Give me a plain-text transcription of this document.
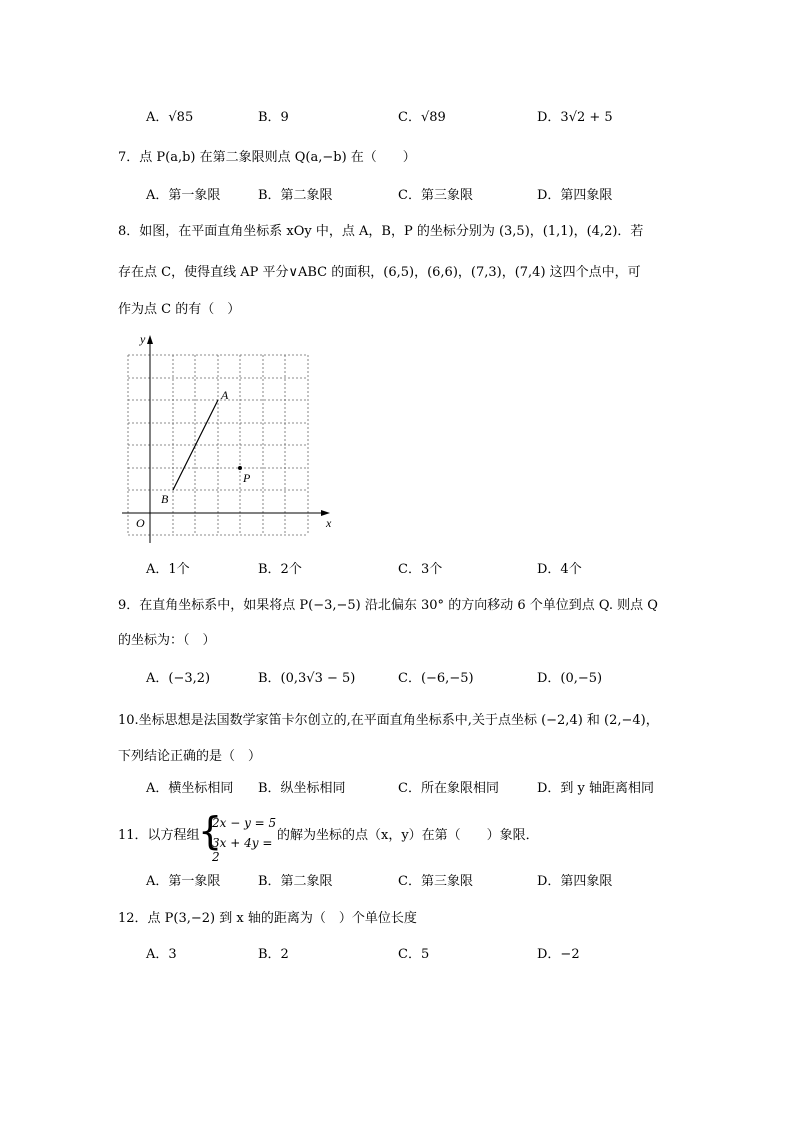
A．√85	B．9	C．√89	D．3√2 + 5
7．点 P(a,b) 在第二象限则点 Q(a,−b) 在（　　）
A．第一象限	B．第二象限	C．第三象限	D．第四象限
8．如图，在平面直角坐标系 xOy 中，点 A，B，P 的坐标分别为 (3,5)，(1,1)，(4,2)．若
存在点 C，使得直线 AP 平分∨ABC 的面积，(6,5)，(6,6)，(7,3)，(7,4) 这四个点中，可
作为点 C 的有（　）
x
y
O
A
B
P
A．1个	B．2个	C．3个	D．4个
9．在直角坐标系中，如果将点 P(−3,−5) 沿北偏东 30° 的方向移动 6 个单位到点 Q. 则点 Q
的坐标为：（　）
A．(−3,2)	B．(0,3√3 − 5)	C．(−6,−5)	D．(0,−5)
10.坐标思想是法国数学家笛卡尔创立的,在平面直角坐标系中,关于点坐标 (−2,4) 和 (2,−4)，
下列结论正确的是（　）
A．横坐标相同 B．纵坐标相同	C．所在象限相同	D．到 y 轴距离相同
11．以方程组
{
2x − y = 5
3x + 4y = 2
的解为坐标的点（x，y）在第（　　）象限．
A．第一象限	B．第二象限	C．第三象限	D．第四象限
12．点 P(3,−2) 到 x 轴的距离为（　）个单位长度
A．3	B．2	C．5	D．−2
